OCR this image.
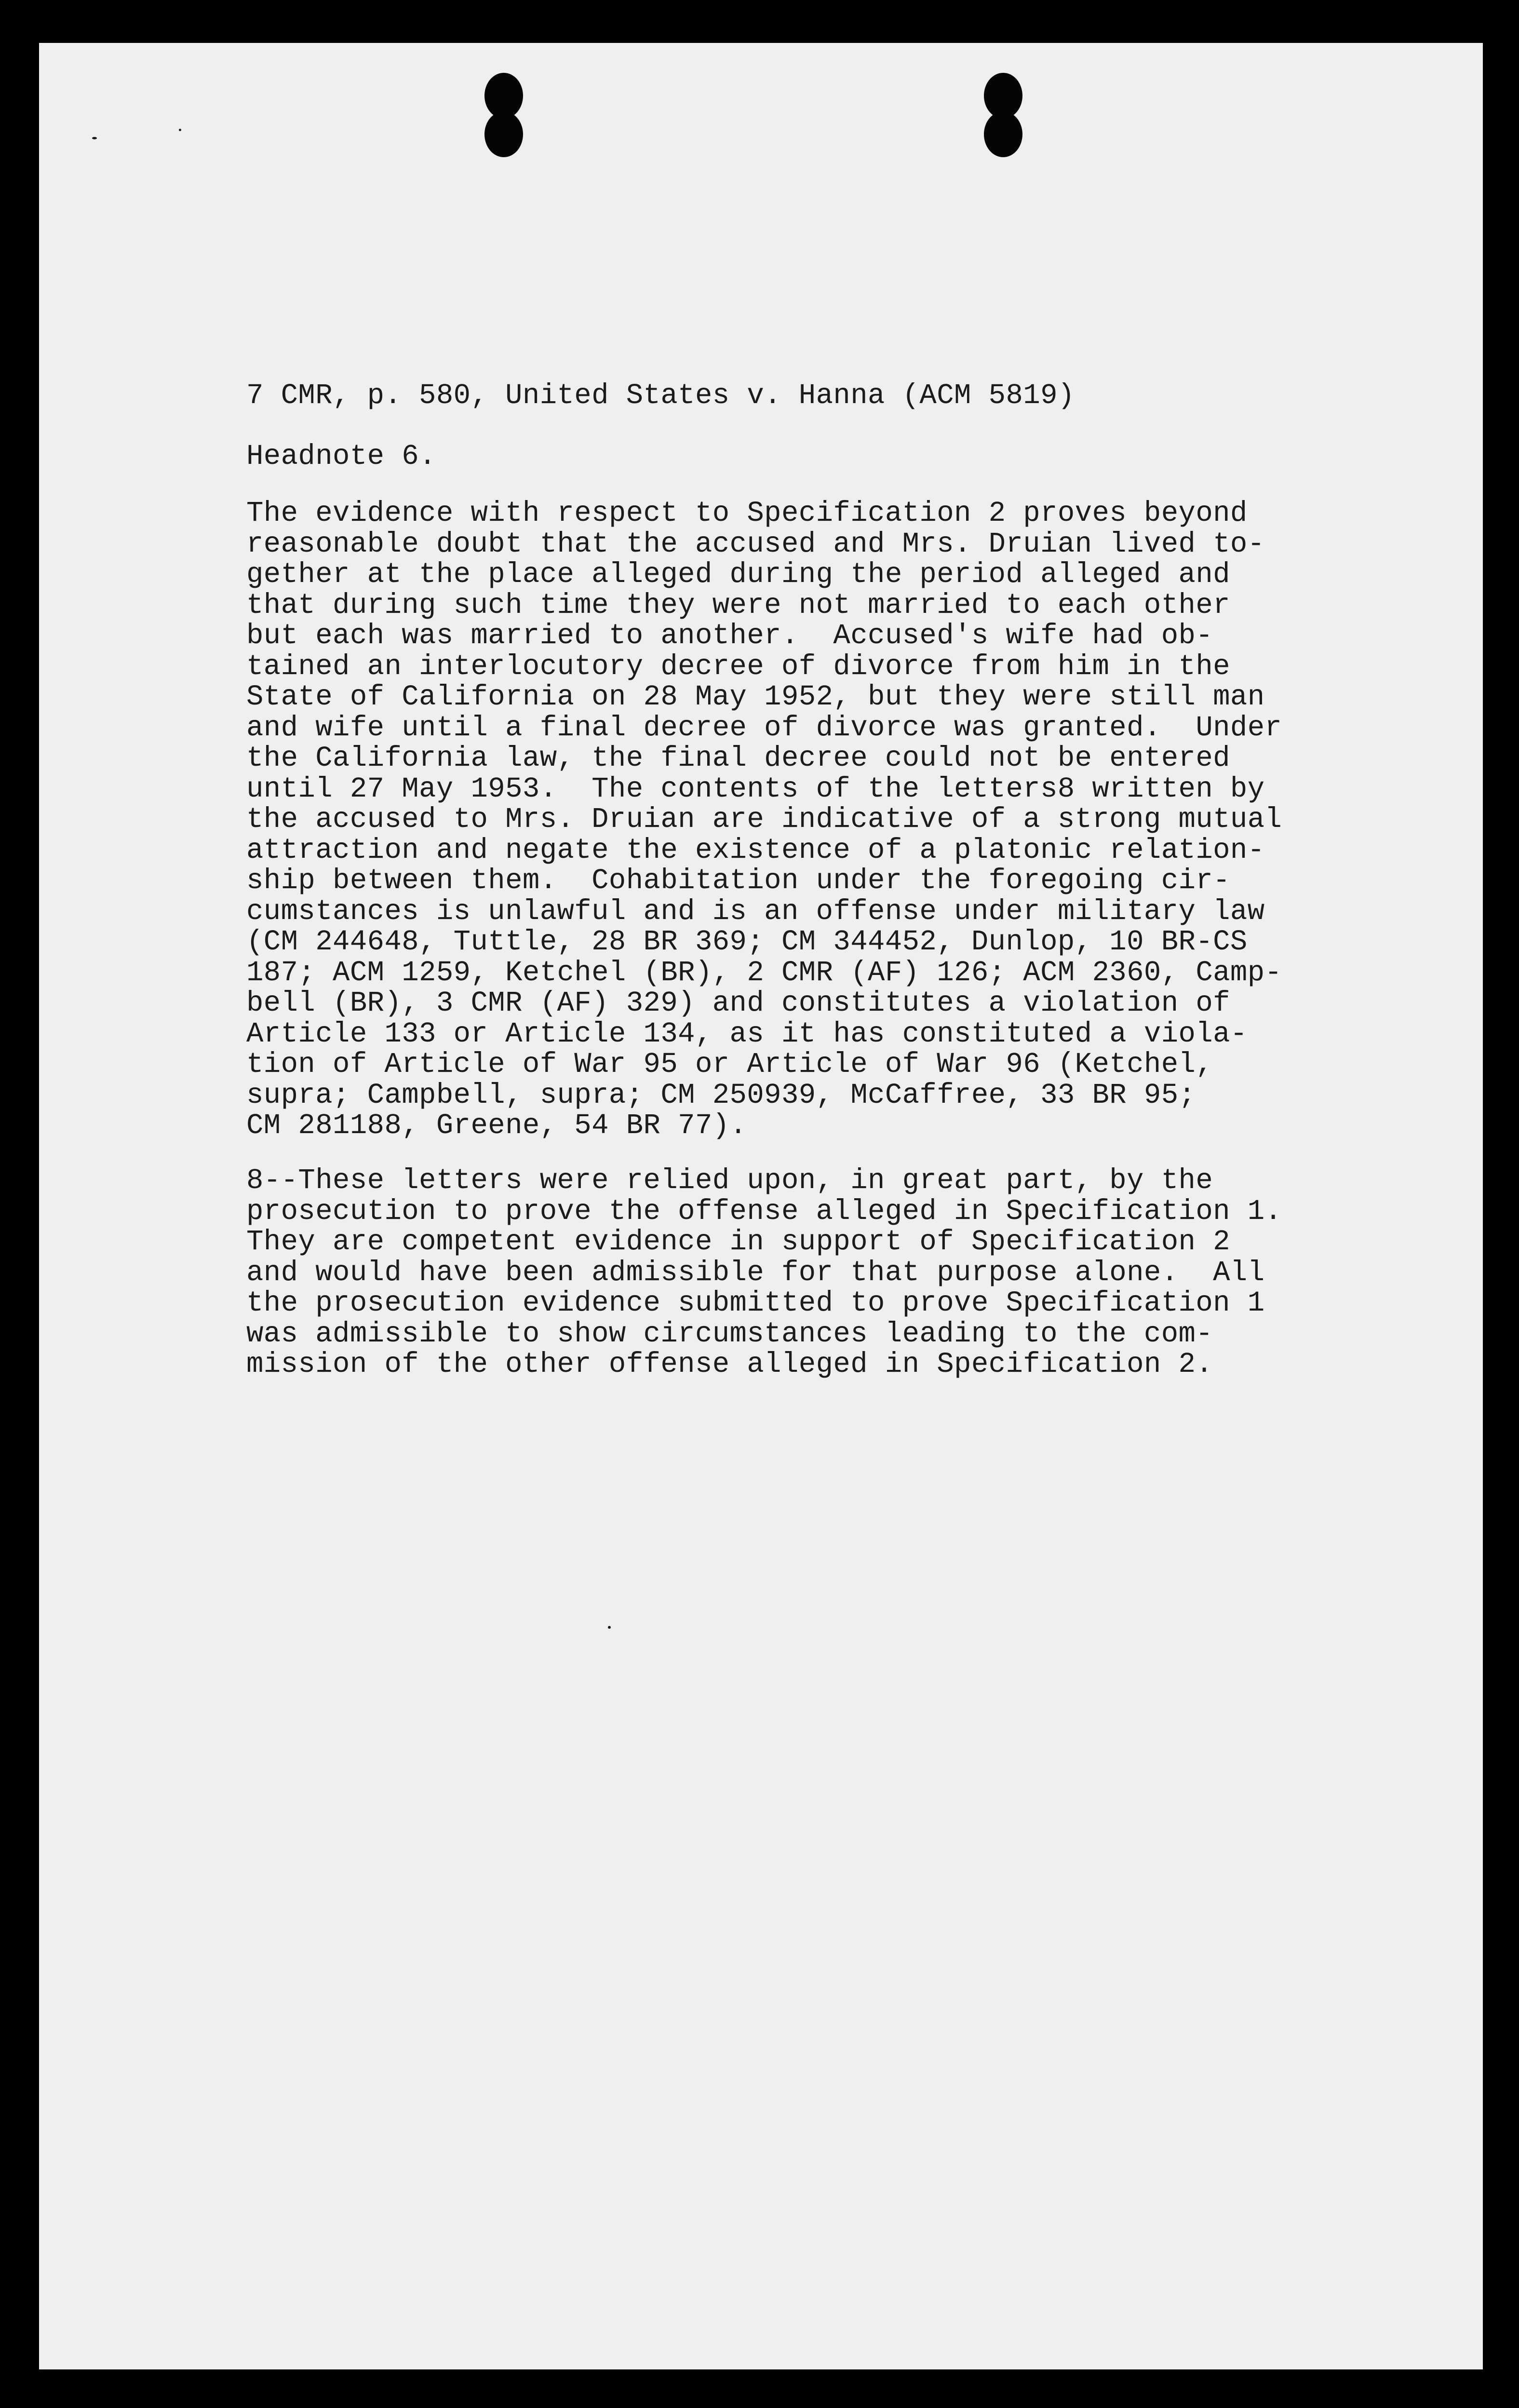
7 CMR, p. 580, United States v. Hanna (ACM 5819)

Headnote 6.

The evidence with respect to Specification 2 proves beyond
reasonable doubt that the accused and Mrs. Druian lived to-
gether at the place alleged during the period alleged and
that during such time they were not married to each other
but each was married to another.  Accused's wife had ob-
tained an interlocutory decree of divorce from him in the
State of California on 28 May 1952, but they were still man
and wife until a final decree of divorce was granted.  Under
the California law, the final decree could not be entered
until 27 May 1953.  The contents of the letters8 written by
the accused to Mrs. Druian are indicative of a strong mutual
attraction and negate the existence of a platonic relation-
ship between them.  Cohabitation under the foregoing cir-
cumstances is unlawful and is an offense under military law
(CM 244648, Tuttle, 28 BR 369; CM 344452, Dunlop, 10 BR-CS
187; ACM 1259, Ketchel (BR), 2 CMR (AF) 126; ACM 2360, Camp-
bell (BR), 3 CMR (AF) 329) and constitutes a violation of
Article 133 or Article 134, as it has constituted a viola-
tion of Article of War 95 or Article of War 96 (Ketchel,
supra; Campbell, supra; CM 250939, McCaffree, 33 BR 95;
CM 281188, Greene, 54 BR 77).
8--These letters were relied upon, in great part, by the
prosecution to prove the offense alleged in Specification 1.
They are competent evidence in support of Specification 2
and would have been admissible for that purpose alone.  All
the prosecution evidence submitted to prove Specification 1
was admissible to show circumstances leading to the com-
mission of the other offense alleged in Specification 2.
